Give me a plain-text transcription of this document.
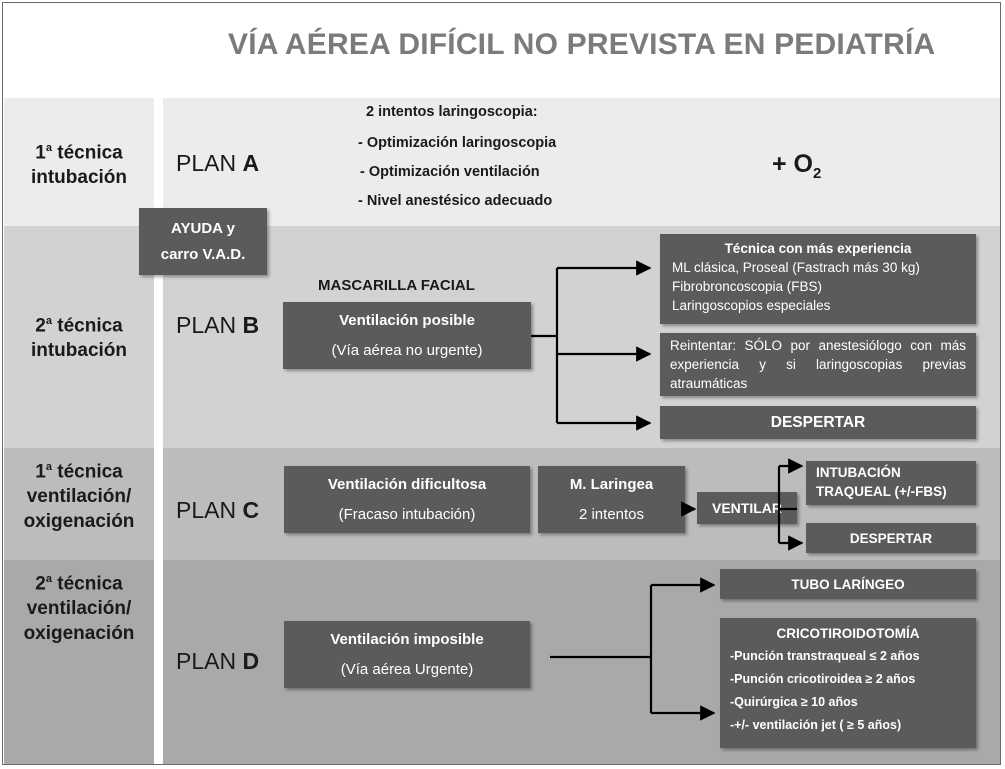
VÍA AÉREA DIFÍCIL NO PREVISTA EN PEDIATRÍA
1$^a$ técnica
intubación
2$^a$ técnica
intubación
1$^a$ técnica
ventilación/
oxigenación
2$^a$ técnica
ventilación/
oxigenación
PLAN A
PLAN B
PLAN C
PLAN D
2 intentos laringoscopia:
- Optimización laringoscopia
- Optimización ventilación
- Nivel anestésico adecuado
+ $O_2$
AYUDA y
carro V.A.D.
MASCARILLA FACIAL
Ventilación posible
(Vía aérea no urgente)
Técnica con más experiencia
ML clásica, Proseal (Fastrach más 30 kg)
Fibrobroncoscopia (FBS)
Laringoscopios especiales
Reintentar: SÓLO por anestesiólogo con más experiencia y si laringoscopias previas atraumáticas
DESPERTAR
Ventilación dificultosa
(Fracaso intubación)
M. Laringea
2 intentos	VENTILAR
INTUBACIÓN
TRAQUEAL (+/-FBS)
DESPERTAR
Ventilación imposible
(Vía aérea Urgente)
TUBO LARÍNGEO
CRICOTIROIDOTOMÍA
-Punción transtraqueal ≤ 2 años
-Punción cricotiroidea ≥ 2 años
-Quirúrgica ≥ 10 años
-+/- ventilación jet ( ≥ 5 años)
